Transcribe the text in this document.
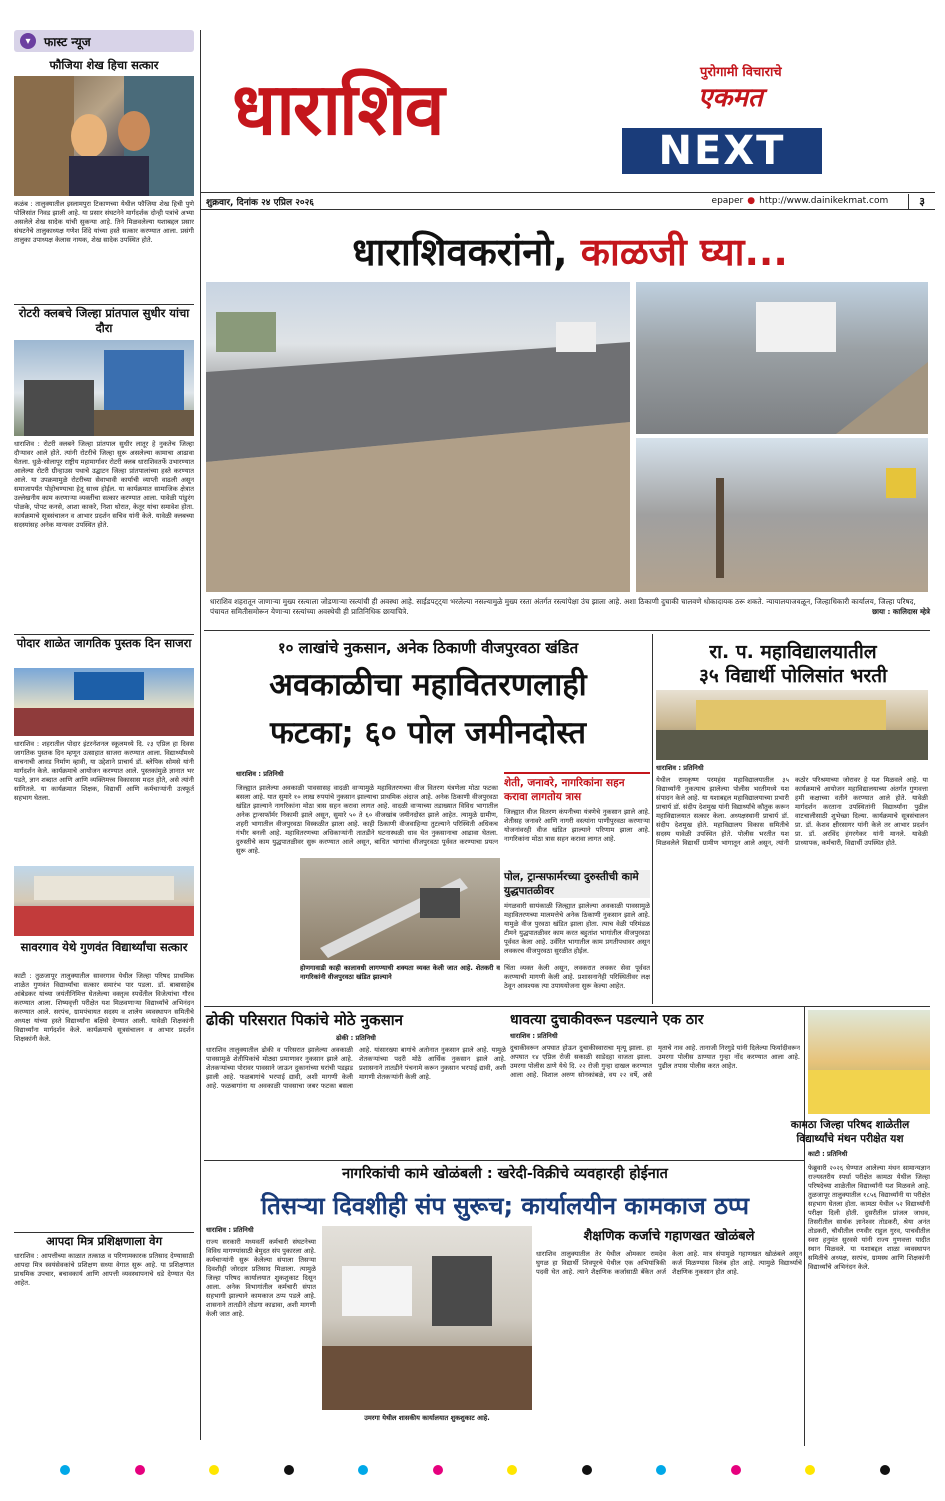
▾	फास्ट न्यूज
फौजिया शेख हिचा सत्कार
कळंब : तालुक्यातील इस्लामपुरा टिकाणच्या येथील फौजिया शेख हिची पुणे पोलिसांत निवड झाली आहे. या प्रसार संघटनेने मार्गदर्शक दोन्ही पत्रांचे अभ्या असलेले शेख सादेक यांची सुकन्या आहे. तिने मिळवलेल्या यशाबद्दल प्रसार संघटनेचे तालुकाध्यक्ष गणेश शिंदे यांच्या हस्ते सत्कार करण्यात आला. प्रसंगी तालुका उपाध्यक्ष केलास नायक, शेख सादेक उपस्थित होते.
रोटरी क्लबचे जिल्हा प्रांतपाल सुधीर यांचा दौरा
धाराशिव : रोटरी क्लबने जिल्हा प्रांतपाल सुधीर लातूर हे नुकतेच जिल्हा दौऱ्यावर आले होते. त्यांनी रोटरीचे जिल्हा सुरू असलेल्या कामाचा आढावा घेतला. धुळे-सोलापूर राष्ट्रीय महामार्गावर रोटरी क्लब धाराशिवतर्फे उभारण्यात आलेल्या रोटरी ग्रीन्हाउस पथाचे उद्घाटन जिल्हा प्रांतपालांच्या हस्ते करण्यात आले. या उपक्रमामुळे रोटरीच्या सेवाभावी कार्याची व्याप्ती वाढली असून समाजापर्यंत पोहोचण्याचा हेतू साध्य होईल. या कार्यक्रमात सामाजिक क्षेत्रात उल्लेखनीय काम करणाऱ्या व्यक्तींचा सत्कार करण्यात आला. यावेळी पांडुरंग पोळके, पोपट कनसे, आशा काकरे, निशा थोरात, केतूर यांचा समावेश होता. कार्यक्रमाचे सूत्रसंचालन व आभार प्रदर्शन सचिव यांनी केले. यावेळी क्लबच्या सदस्यांसह अनेक मान्यवर उपस्थित होते.
पोदार शाळेत जागतिक पुस्तक दिन साजरा
धाराशिव : शहरातील पोदार इंटरनॅशनल स्कूलमध्ये दि. २३ एप्रिल हा दिवस जागतिक पुस्तक दिन म्हणून उत्साहात साजरा करण्यात आला. विद्यार्थ्यांमध्ये वाचनाची आवड निर्माण व्हावी, या उद्देशाने प्राचार्य डॉ. ब्लेपिक सोमसे यांनी मार्गदर्शन केले. कार्यक्रमाचे आयोजन करण्यात आले. पुस्तकांमुळे ज्ञानात भर पडते, ज्ञान शब्दात आणि आणि व्यक्तिमत्त्व विकासास मदत होते, असे त्यांनी सांगितले. या कार्यक्रमात शिक्षक, विद्यार्थी आणि कर्मचाऱ्यांनी उत्स्फूर्त सहभाग घेतला.
सावरगाव येथे गुणवंत विद्यार्थ्यांचा सत्कार
काटी : तुळजापूर तालुक्यातील सावरगाव येथील जिल्हा परिषद प्राथमिक शाळेत गुणवंत विद्यार्थ्यांचा सत्कार समारंभ पार पडला. डॉ. बाबासाहेब आंबेडकर यांच्या जयंतीनिमित्त घेतलेल्या वक्तृत्व स्पर्धेतील विजेत्यांचा गौरव करण्यात आला. शिष्यवृत्ती परीक्षेत यश मिळवणाऱ्या विद्यार्थ्यांचे अभिनंदन करण्यात आले. सरपंच, ग्रामपंचायत सदस्य व शालेय व्यवस्थापन समितीचे अध्यक्ष यांच्या हस्ते विद्यार्थ्यांना बक्षिसे देण्यात आली. यावेळी शिक्षकांनी विद्यार्थ्यांना मार्गदर्शन केले. कार्यक्रमाचे सूत्रसंचालन व आभार प्रदर्शन शिक्षकांनी केले.
आपदा मित्र प्रशिक्षणाला वेग
धाराशिव : आपत्तीच्या काळात तत्काळ व परिणामकारक प्रतिसाद देण्यासाठी आपदा मित्र स्वयंसेवकांचे प्रशिक्षण सध्या वेगात सुरू आहे. या प्रशिक्षणात प्राथमिक उपचार, बचावकार्य आणि आपत्ती व्यवस्थापनाचे धडे देण्यात येत आहेत.
धाराशिव	पुरोगामी विचाराचे
एकमत
NEXT
शुक्रवार, दिनांक २४ एप्रिल २०२६	epaper ● http://www.dainikekmat.com	३
धाराशिवकरांनो, काळजी घ्या...
धाराशिव शहरातून जाणाऱ्या मुख्य रस्त्याला जोडणाऱ्या रस्त्यांची ही अवस्था आहे. साईडपट्ट्या भरलेल्या नसल्यामुळे मुख्य रस्ता अंतर्गत रस्त्यांपेक्षा उंच झाला आहे. अशा ठिकाणी दुचाकी चालवणे धोकादायक ठरू शकते. न्यायालयाजवळून, जिल्हाधिकारी कार्यालय, जिल्हा परिषद, पंचायत समितीसमोरून येणाऱ्या रस्त्यांच्या अवस्थेची ही प्रातिनिधिक छायाचित्रे.	छाया : कालिदास म्हेत्रे
१० लाखांचे नुकसान, अनेक ठिकाणी वीजपुरवठा खंडित
अवकाळीचा महावितरणलाही
फटका; ६० पोल जमीनदोस्त
धाराशिव : प्रतिनिधी
जिल्ह्यात झालेल्या अवकाळी पावसासह वादळी वाऱ्यामुळे महावितरणच्या वीज वितरण यंत्रणेला मोठा फटका बसला आहे. यात सुमारे १० लाख रुपयांचे नुकसान झाल्याचा प्राथमिक अंदाज आहे. अनेक ठिकाणी वीजपुरवठा खंडित झाल्याने नागरिकांना मोठा त्रास सहन करावा लागत आहे. वादळी वाऱ्याच्या तडाख्यात विविध भागातील अनेक ट्रान्सफॉर्मर निकामी झाले असून, सुमारे ५० ते ६० वीजखांब जमीनदोस्त झाले आहेत. त्यामुळे ग्रामीण, शहरी भागातील वीजपुरवठा विस्कळीत झाला आहे. काही ठिकाणी वीजवाहिन्या तुटल्याने परिस्थिती अधिकच गंभीर बनली आहे. महावितरणच्या अधिकाऱ्यांनी तातडीने घटनास्थळी धाव घेत नुकसानाचा आढावा घेतला. दुरुस्तीचे काम युद्धपातळीवर सुरू करण्यात आले असून, बाधित भागांचा वीजपुरवठा पूर्ववत करण्याचा प्रयत्न सुरू आहे.
शेती, जनावरे, नागरिकांना सहन करावा लागतोय त्रास
जिल्ह्यात वीज वितरण कंपनीच्या यंत्रणेचे नुकसान झाले आहे. शेतीसह जनावरे आणि नागरी वस्त्यांना पाणीपुरवठा करणाऱ्या योजनांवरही वीज खंडित झाल्याने परिणाम झाला आहे. नागरिकांना मोठा त्रास सहन करावा लागत आहे.
पोल, ट्रान्सफार्मरच्या दुरुस्तीची कामे युद्धपातळीवर
मंगळवारी सायंकाळी जिल्ह्यात झालेल्या अवकाळी पावसामुळे महावितरणच्या मालमत्तेचे अनेक ठिकाणी नुकसान झाले आहे. यामुळे वीज पुरवठा खंडित झाला होता. त्याच वेळी परिमंडळ टीमने युद्धपातळीवर काम करत बहुतांश भागांतील वीजपुरवठा पूर्ववत केला आहे. उर्वरित भागातील काम प्रगतीपथावर असून लवकरच वीजपुरवठा सुरळीत होईल.
होणगावाडी काही कालावधी लागण्याची शक्यता व्यक्त केली जात आहे. शेतकरी व नागरिकांनी वीजपुरवठा खंडित झाल्याने
चिंता व्यक्त केली असून, लवकरात लवकर सेवा पूर्ववत करण्याची मागणी केली आहे. प्रशासनानेही परिस्थितीवर लक्ष ठेवून आवश्यक त्या उपाययोजना सुरू केल्या आहेत.
रा. प. महाविद्यालयातील
३५ विद्यार्थी पोलिसांत भरती
धाराशिव : प्रतिनिधी
येथील रामकृष्ण परमहंस महाविद्यालयातील ३५ विद्यार्थ्यांनी नुकत्याच झालेल्या पोलीस भरतीमध्ये यश संपादन केले आहे. या यशाबद्दल महाविद्यालयाच्या प्रभारी प्राचार्य डॉ. संदीप देशमुख यांनी विद्यार्थ्यांचे कौतुक करून महाविद्यालयात सत्कार केला. अध्यक्षस्थानी प्राचार्य डॉ. संदीप देशमुख होते. महाविद्यालय विकास समितीचे सदस्य यावेळी उपस्थित होते. पोलीस भरतीत यश मिळवलेले विद्यार्थी ग्रामीण भागातून आले असून, त्यांनी कठोर परिश्रमाच्या जोरावर हे यश मिळवले आहे. या कार्यक्रमाचे आयोजन महाविद्यालयाच्या अंतर्गत गुणवत्ता हमी कक्षाच्या वतीने करण्यात आले होते. यावेळी मार्गदर्शन करताना उपस्थितांनी विद्यार्थ्यांना पुढील वाटचालीसाठी शुभेच्छा दिल्या. कार्यक्रमाचे सूत्रसंचालन प्रा. डॉ. केशव क्षीरसागर यांनी केले तर आभार प्रदर्शन प्रा. डॉ. अरविंद हंगरगेकर यांनी मानले. यावेळी प्राध्यापक, कर्मचारी, विद्यार्थी उपस्थित होते.
ढोकी परिसरात पिकांचे मोठे नुकसान
ढोकी : प्रतिनिधी
धाराशिव तालुक्यातील ढोकी व परिसरात झालेल्या अवकाळी पावसामुळे शेतीपिकांचे मोठ्या प्रमाणावर नुकसान झाले आहे. शेतकऱ्यांच्या पोरावर पावसाने जाऊन दुकानांच्या घरांची पडझड झाली आहे. फळबागांचे भरपाई द्यावी, अशी मागणी केली आहे. फळबागांना या अवकाळी पावसाचा जबर फटका बसला आहे. यांसारख्या बागांचे अतोनात नुकसान झाले आहे. यामुळे शेतकऱ्यांच्या पदरी मोठे आर्थिक नुकसान झाले आहे. प्रशासनाने तातडीने पंचनामे करून नुकसान भरपाई द्यावी, अशी मागणी शेतकऱ्यांनी केली आहे.
धावत्या दुचाकीवरून पडल्याने एक ठार
धाराशिव : प्रतिनिधी
दुचाकीवरून अपघात होऊन दुचाकीस्वाराचा मृत्यू झाला. हा अपघात १४ एप्रिल रोजी सकाळी साडेदहा वाजता झाला. उमरगा पोलीस ठाणे येथे दि. २२ रोजी गुन्हा दाखल करण्यात आला आहे. विशाल अरुण सोनकांबळे, वय २२ वर्षे, असे मृताचे नाव आहे. तानाजी निरगुडे यांनी दिलेल्या फिर्यादीवरून उमरगा पोलीस ठाण्यात गुन्हा नोंद करण्यात आला आहे. पुढील तपास पोलीस करत आहेत.
कामठा जिल्हा परिषद शाळेतील
विद्यार्थ्यांचे मंथन परीक्षेत यश
काटी : प्रतिनिधी
फेब्रुवारी २०२६ घेण्यात आलेल्या मंथन सामान्यज्ञान राज्यस्तरीय स्पर्धा परीक्षेत कामठा येथील जिल्हा परिषदेच्या शाळेतील विद्यार्थ्यांनी यश मिळवले आहे. तुळजापूर तालुक्यातील १८५६ विद्यार्थ्यांनी या परीक्षेत सहभाग घेतला होता. कामठा येथील ५२ विद्यार्थ्यांनी परीक्षा दिली होती. दुसरीतील प्रांजल जाधव, तिसरीतील सार्थक ज्ञानेश्वर तोडकरी, श्रेया अनंत तोडकरी, चौथीतील रणवीर राहुल गुरव, पाचवीतील स्वरा हनुमंत सुरवसे यांनी राज्य गुणवत्ता यादीत स्थान मिळवले. या यशाबद्दल शाळा व्यवस्थापन समितीचे अध्यक्ष, सरपंच, ग्रामस्थ आणि शिक्षकांनी विद्यार्थ्यांचे अभिनंदन केले.
नागरिकांची कामे खोळंबली : खरेदी-विक्रीचे व्यवहारही होईनात
तिसऱ्या दिवशीही संप सुरूच; कार्यालयीन कामकाज ठप्प
धाराशिव : प्रतिनिधी
राज्य सरकारी मध्यवर्ती कर्मचारी संघटनेच्या विविध मागण्यांसाठी बेमुदत संप पुकारला आहे. कर्मचाऱ्यांनी सुरू केलेल्या संपाला तिसऱ्या दिवशीही जोरदार प्रतिसाद मिळाला. त्यामुळे जिल्हा परिषद कार्यालयात शुकशुकाट दिसून आला. अनेक विभागांतील कर्मचारी संपात सहभागी झाल्याने कामकाज ठप्प पडले आहे. शासनाने तातडीने तोडगा काढावा, अशी मागणी केली जात आहे.
उमरगा येथील शासकीय कार्यालयात शुकशुकाट आहे.
शैक्षणिक कर्जाचे गहाणखत खोळंबले
धाराशिव तालुक्यातील तेर येथील ओमकार रामदेव घुगळ हा विद्यार्थी शिवपूरचे येथील एक अभियांत्रिकी पदवी घेत आहे. त्याने शैक्षणिक कर्जासाठी बँकेत अर्ज केला आहे. मात्र संपामुळे गहाणखत खोळंबले असून कर्ज मिळण्यास विलंब होत आहे. त्यामुळे विद्यार्थ्याचे शैक्षणिक नुकसान होत आहे.
